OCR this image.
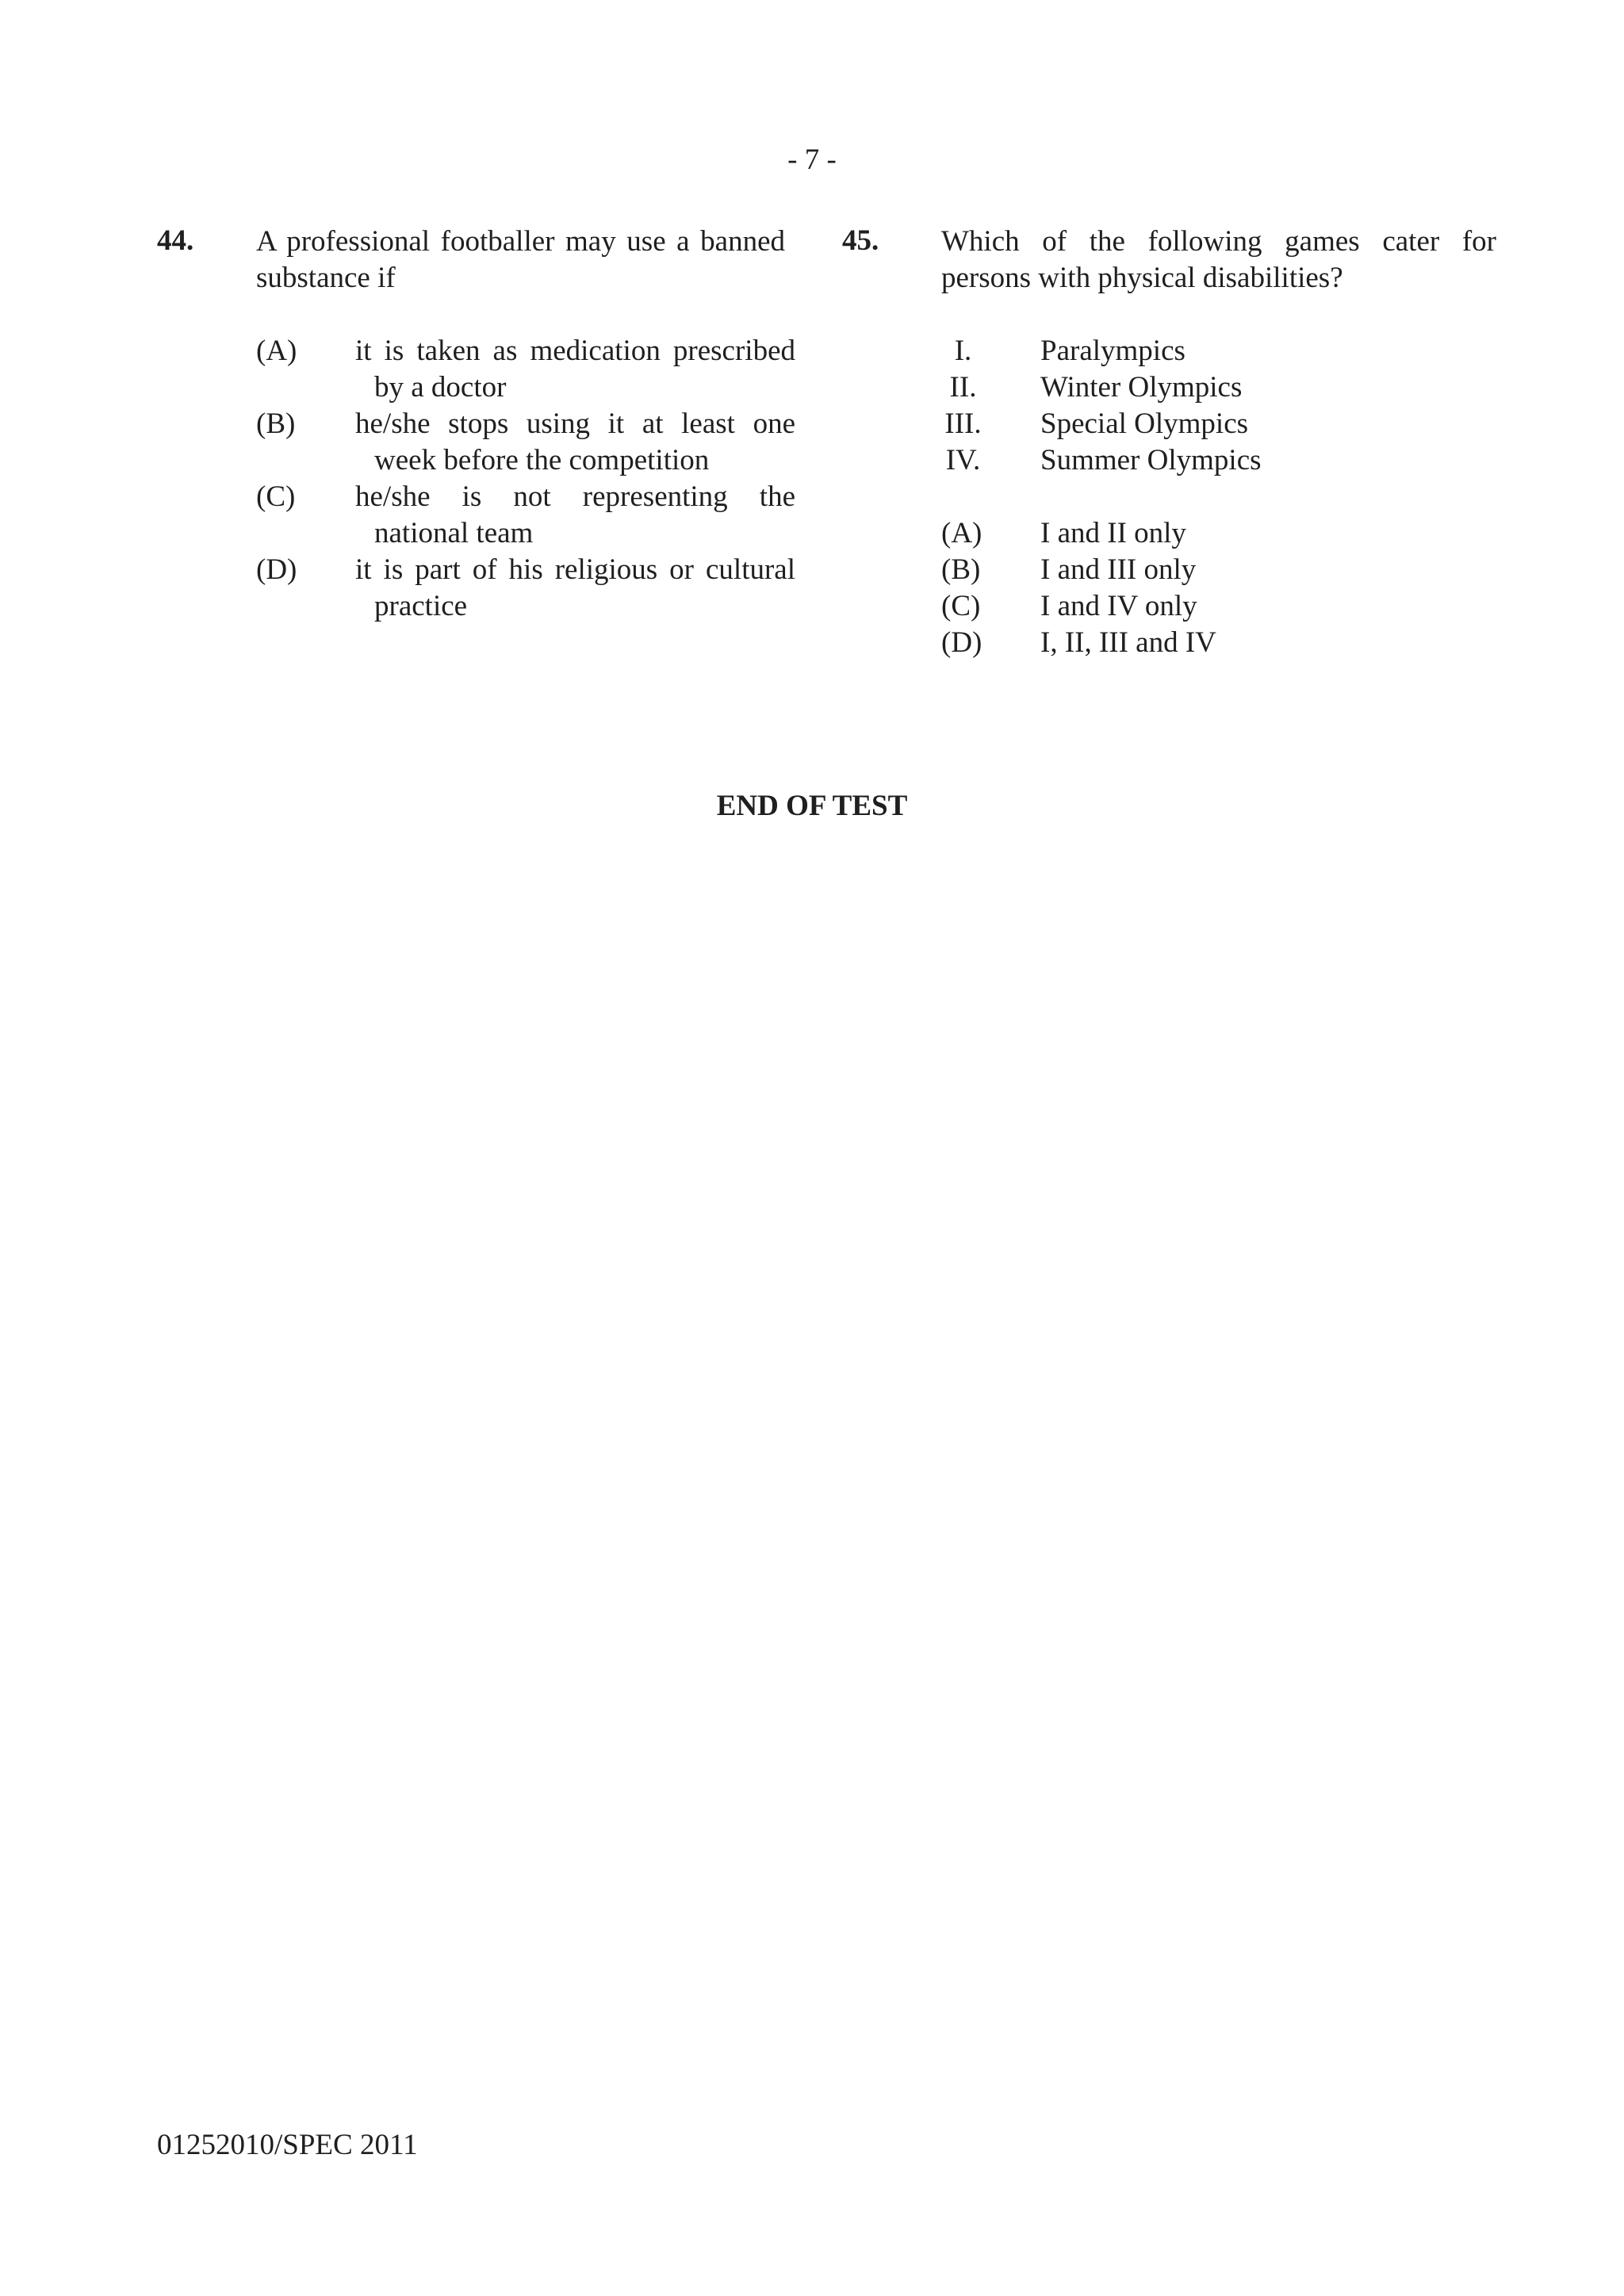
- 7 -
44. A professional footballer may use a banned substance if
(A) it is taken as medication prescribed by a doctor
(B) he/she stops using it at least one week before the competition
(C) he/she is not representing the national team
(D) it is part of his religious or cultural practice
45. Which of the following games cater for persons with physical disabilities?
I.	Paralympics
II. Winter Olympics
III. Special Olympics
IV. Summer Olympics
(A) I and II only
(B) I and III only
(C) I and IV only
(D) I, II, III and IV
END OF TEST
01252010/SPEC 2011
